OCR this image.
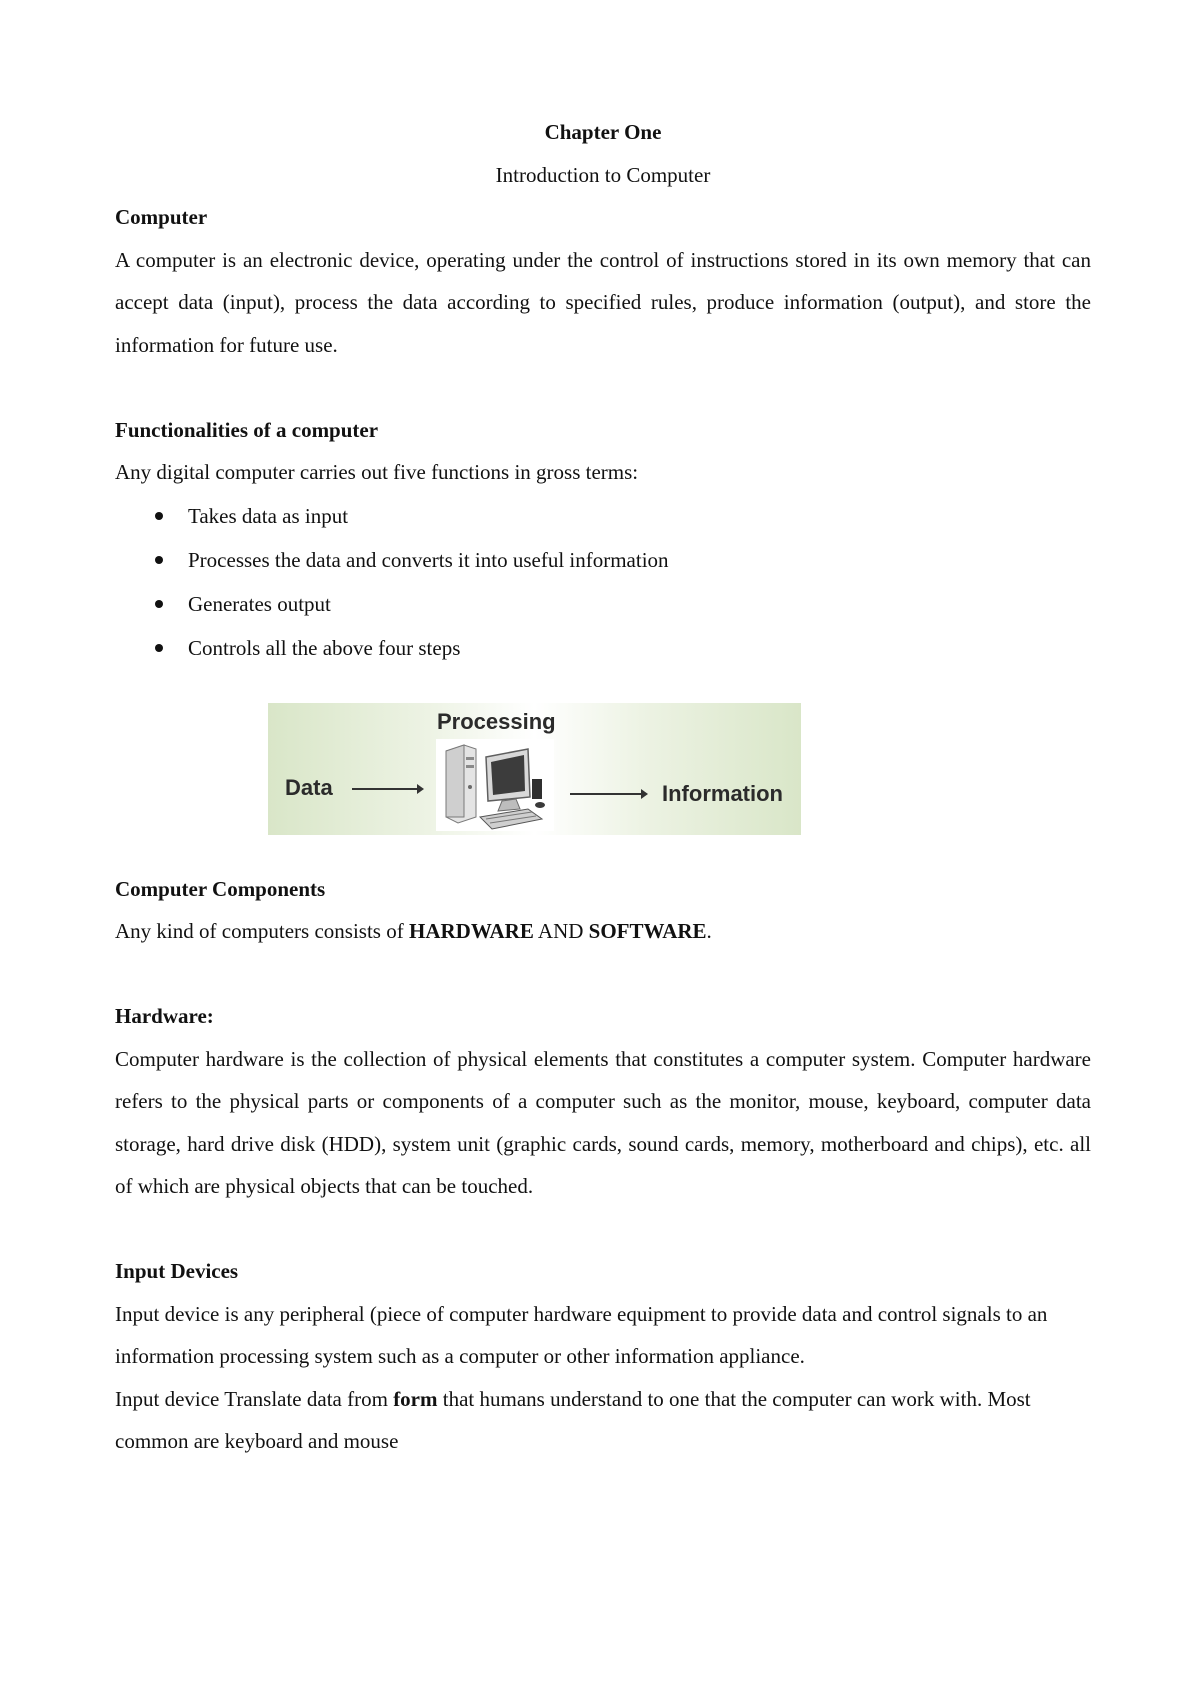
Chapter One

Introduction to Computer

Computer

A computer is an electronic device, operating under the control of instructions stored in its own memory that can accept data (input), process the data according to specified rules, produce information (output), and store the information for future use.

Functionalities of a computer

Any digital computer carries out five functions in gross terms:

Takes data as input
Processes the data and converts it into useful information
Generates output
Controls all the above four steps
Data
Processing
Information

Computer Components

Any kind of computers consists of HARDWARE AND SOFTWARE.

Hardware:

Computer hardware is the collection of physical elements that constitutes a computer system. Computer hardware refers to the physical parts or components of a computer such as the monitor, mouse, keyboard, computer data storage, hard drive disk (HDD), system unit (graphic cards, sound cards, memory, motherboard and chips), etc. all of which are physical objects that can be touched.

Input Devices

Input device is any peripheral (piece of computer hardware equipment to provide data and control signals to an information processing system such as a computer or other information appliance.

Input device Translate data from form that humans understand to one that the computer can work with. Most common are keyboard and mouse
